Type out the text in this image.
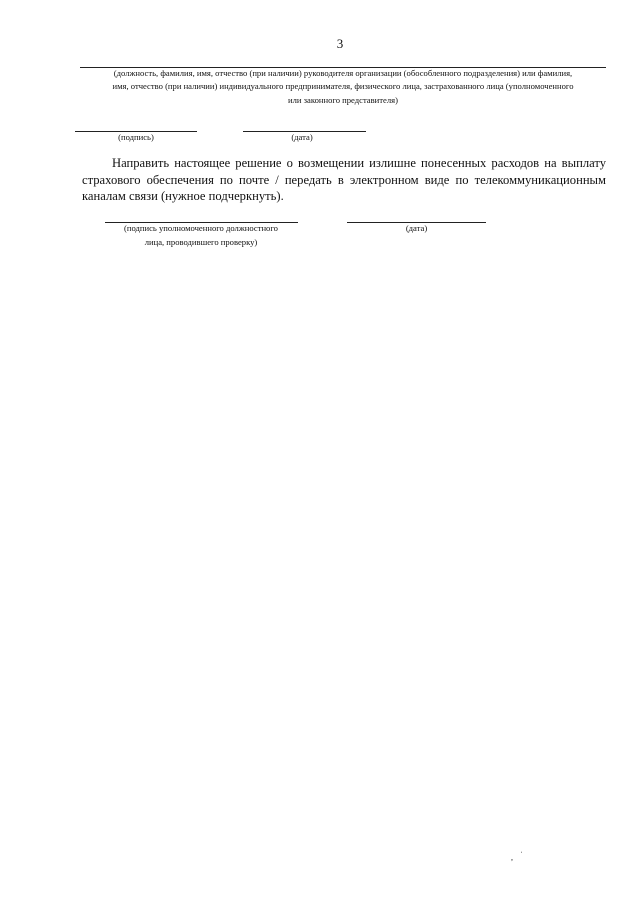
3
(должность, фамилия, имя, отчество (при наличии) руководителя организации (обособленного подразделения) или фамилия,
имя, отчество (при наличии) индивидуального предпринимателя, физического лица, застрахованного лица (уполномоченного
или законного представителя)
(подпись)	(дата)
Направить настоящее решение о возмещении излишне понесенных расходов на выплату страхового обеспечения по почте / передать в электронном виде по телекоммуникационным каналам связи (нужное подчеркнуть).
(подпись уполномоченного должностного
лица, проводившего проверку)
(дата)
ˌ
,
